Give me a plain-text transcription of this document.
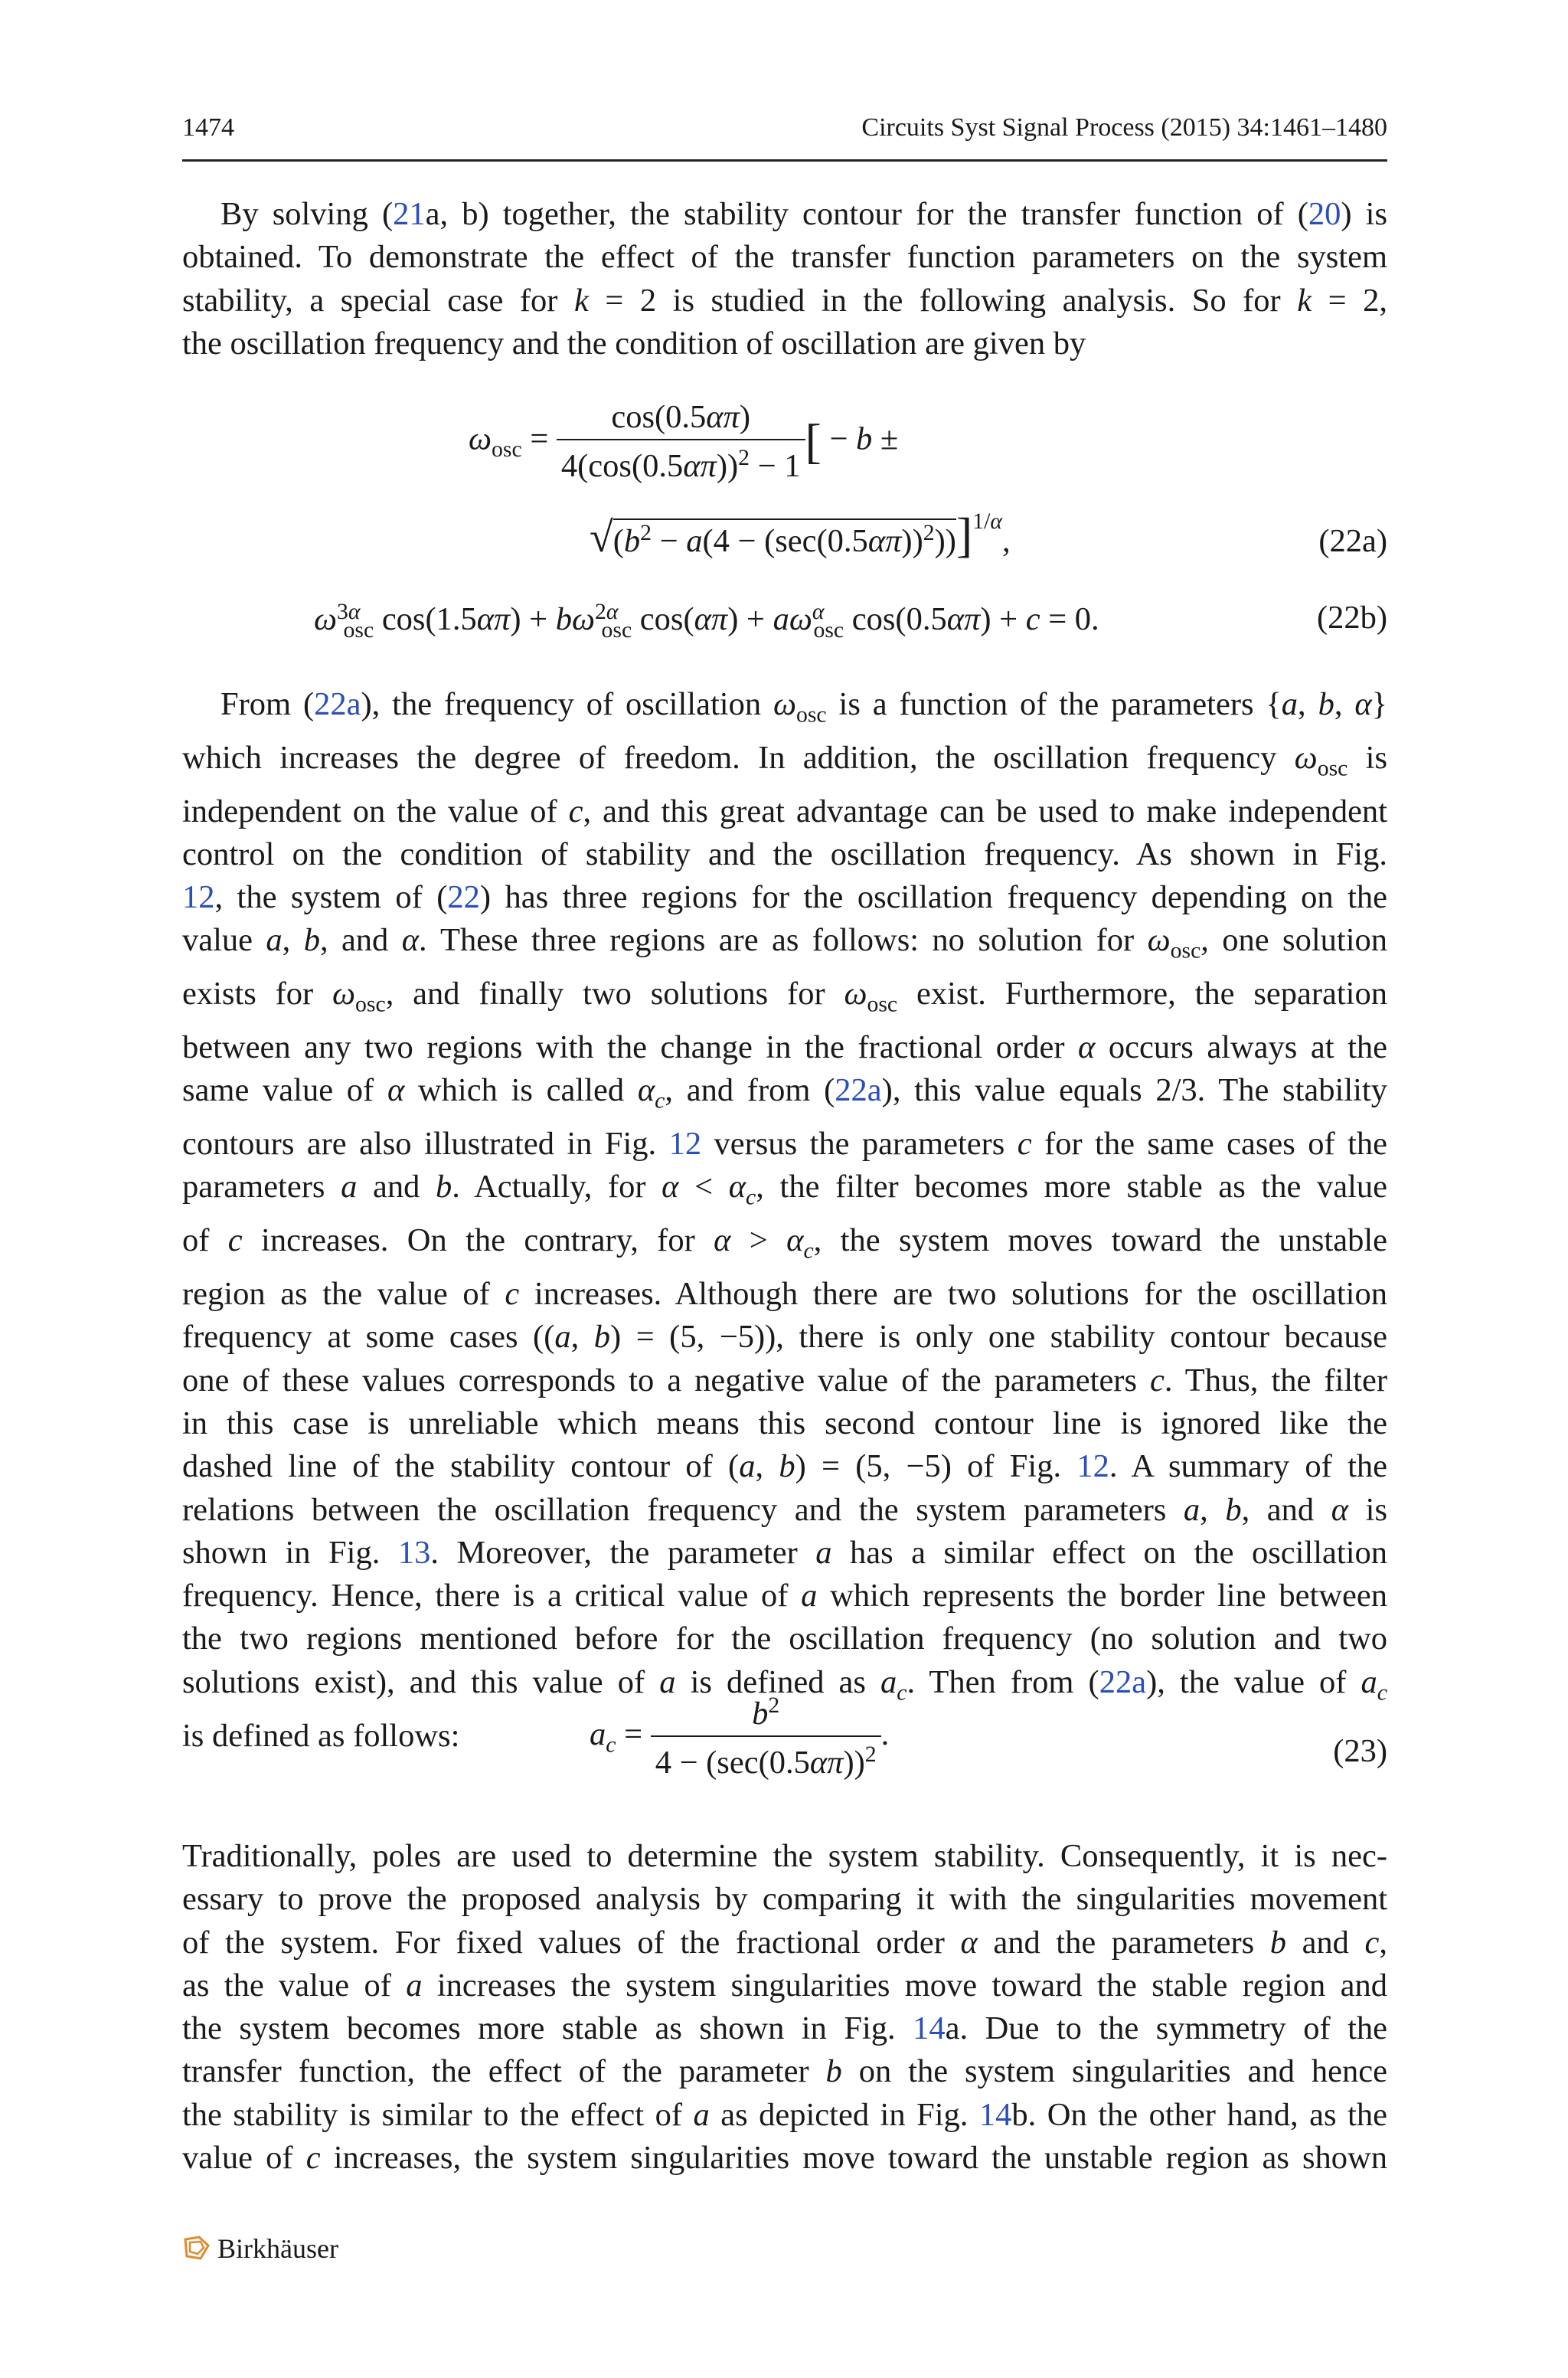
1474	Circuits Syst Signal Process (2015) 34:1461–1480
By solving (21a, b) together, the stability contour for the transfer function of (20) is
obtained. To demonstrate the effect of the transfer function parameters on the system
stability, a special case for k = 2 is studied in the following analysis. So for k = 2,
the oscillation frequency and the condition of oscillation are given by
$\omega_{osc} = \frac{\cos(0.5\alpha\pi)}{4(\cos(0.5\alpha\pi))^2 - 1}$ [ − b ±
$√(b^2 - a(4 - (\sec(0.5\alpha\pi))^2))]^{1/\alpha}$,	(22a)
$\omega^{3\alpha}_{osc}$ $\cos(1.5\alpha\pi) + b\omega^{2\alpha}_{osc}$ $\cos(\alpha\pi) + a\omega^\alpha_{osc}$ cos(0.5απ) + c = 0.	(22b)
From (22a), the frequency of oscillation $\omega_{osc}$ is a function of the parameters {a, b, α}
which increases the degree of freedom. In addition, the oscillation frequency $\omega_{osc}$ is
independent on the value of c, and this great advantage can be used to make independent
control on the condition of stability and the oscillation frequency. As shown in Fig.
12, the system of (22) has three regions for the oscillation frequency depending on the
value a, b, and α. These three regions are as follows: no solution for $\omega_{osc}$, one solution
exists for $\omega_{osc}$, and finally two solutions for $\omega_{osc}$ exist. Furthermore, the separation
between any two regions with the change in the fractional order α occurs always at the
same value of α which is called $\alpha_c$, and from (22a), this value equals 2/3. The stability
contours are also illustrated in Fig. 12 versus the parameters c for the same cases of the
parameters a and b. Actually, for $\alpha < \alpha_c$, the filter becomes more stable as the value
of c increases. On the contrary, for $\alpha > \alpha_c$, the system moves toward the unstable
region as the value of c increases. Although there are two solutions for the oscillation
frequency at some cases ((a, b) = (5, −5)), there is only one stability contour because
one of these values corresponds to a negative value of the parameters c. Thus, the filter
in this case is unreliable which means this second contour line is ignored like the
dashed line of the stability contour of (a, b) = (5, −5) of Fig. 12. A summary of the
relations between the oscillation frequency and the system parameters a, b, and α is
shown in Fig. 13. Moreover, the parameter a has a similar effect on the oscillation
frequency. Hence, there is a critical value of a which represents the border line between
the two regions mentioned before for the oscillation frequency (no solution and two
solutions exist), and this value of a is defined as $a_c$. Then from (22a), the value of $a_c$
is defined as follows:	$a_c = \frac{b^2}{4 - (\sec(0.5\alpha\pi))^2}$ .	(23)
Traditionally, poles are used to determine the system stability. Consequently, it is nec-
essary to prove the proposed analysis by comparing it with the singularities movement
of the system. For fixed values of the fractional order α and the parameters b and c,
as the value of a increases the system singularities move toward the stable region and
the system becomes more stable as shown in Fig. 14a. Due to the symmetry of the
transfer function, the effect of the parameter b on the system singularities and hence
the stability is similar to the effect of a as depicted in Fig. 14b. On the other hand, as the
value of c increases, the system singularities move toward the unstable region as shown
Birkhäuser
